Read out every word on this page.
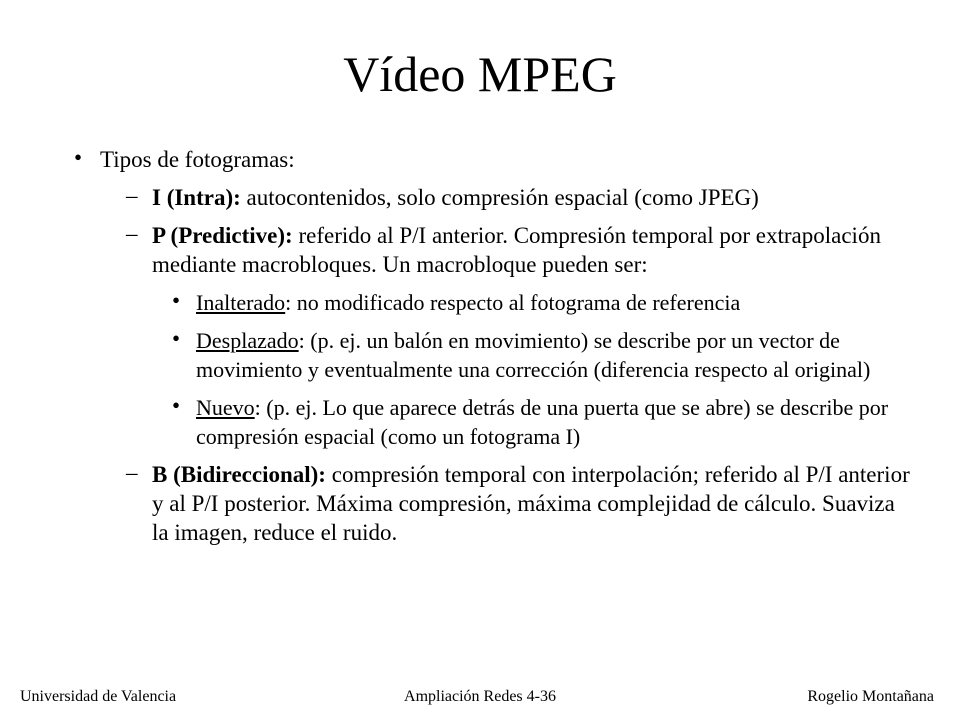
Vídeo MPEG
• Tipos de fotogramas:
– I (Intra): autocontenidos, solo compresión espacial (como JPEG)
– P (Predictive): referido al P/I anterior. Compresión temporal por extrapolación mediante macrobloques. Un macrobloque pueden ser:
• Inalterado: no modificado respecto al fotograma de referencia
• Desplazado: (p. ej. un balón en movimiento) se describe por un vector de movimiento y eventualmente una corrección (diferencia respecto al original)
• Nuevo: (p. ej. Lo que aparece detrás de una puerta que se abre) se describe por compresión espacial (como un fotograma I)
– B (Bidireccional): compresión temporal con interpolación; referido al P/I anterior y al P/I posterior. Máxima compresión, máxima complejidad de cálculo. Suaviza la imagen, reduce el ruido.
Universidad de Valencia	Ampliación Redes 4-36	Rogelio Montañana
